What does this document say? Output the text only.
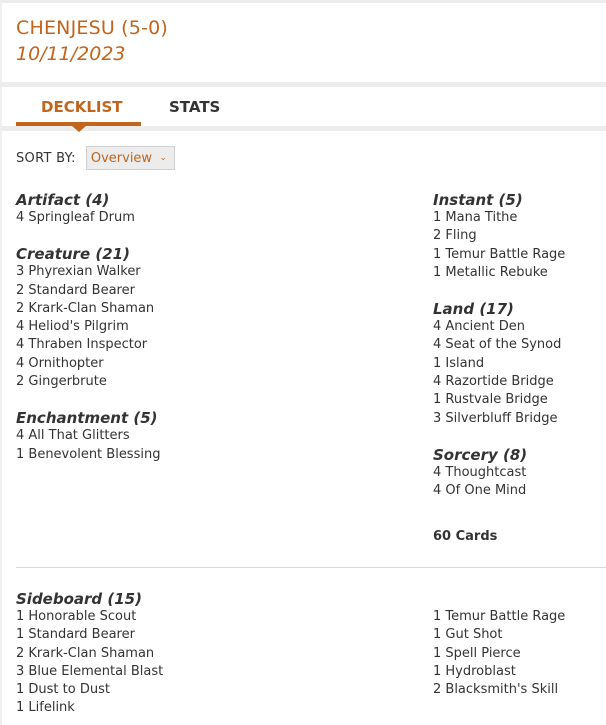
CHENJESU (5-0)
10/11/2023
DECKLIST	STATS
SORT BY: Overview ⌄
Artifact (4)
4 Springleaf Drum
Creature (21)
3 Phyrexian Walker
2 Standard Bearer
2 Krark-Clan Shaman
4 Heliod's Pilgrim
4 Thraben Inspector
4 Ornithopter
2 Gingerbrute
Enchantment (5)
4 All That Glitters
1 Benevolent Blessing
Instant (5)
1 Mana Tithe
2 Fling
1 Temur Battle Rage
1 Metallic Rebuke
Land (17)
4 Ancient Den
4 Seat of the Synod
1 Island
4 Razortide Bridge
1 Rustvale Bridge
3 Silverbluff Bridge
Sorcery (8)
4 Thoughtcast
4 Of One Mind
60 Cards
Sideboard (15)
1 Honorable Scout
1 Standard Bearer
2 Krark-Clan Shaman
3 Blue Elemental Blast
1 Dust to Dust
1 Lifelink
1 Temur Battle Rage
1 Gut Shot
1 Spell Pierce
1 Hydroblast
2 Blacksmith's Skill
